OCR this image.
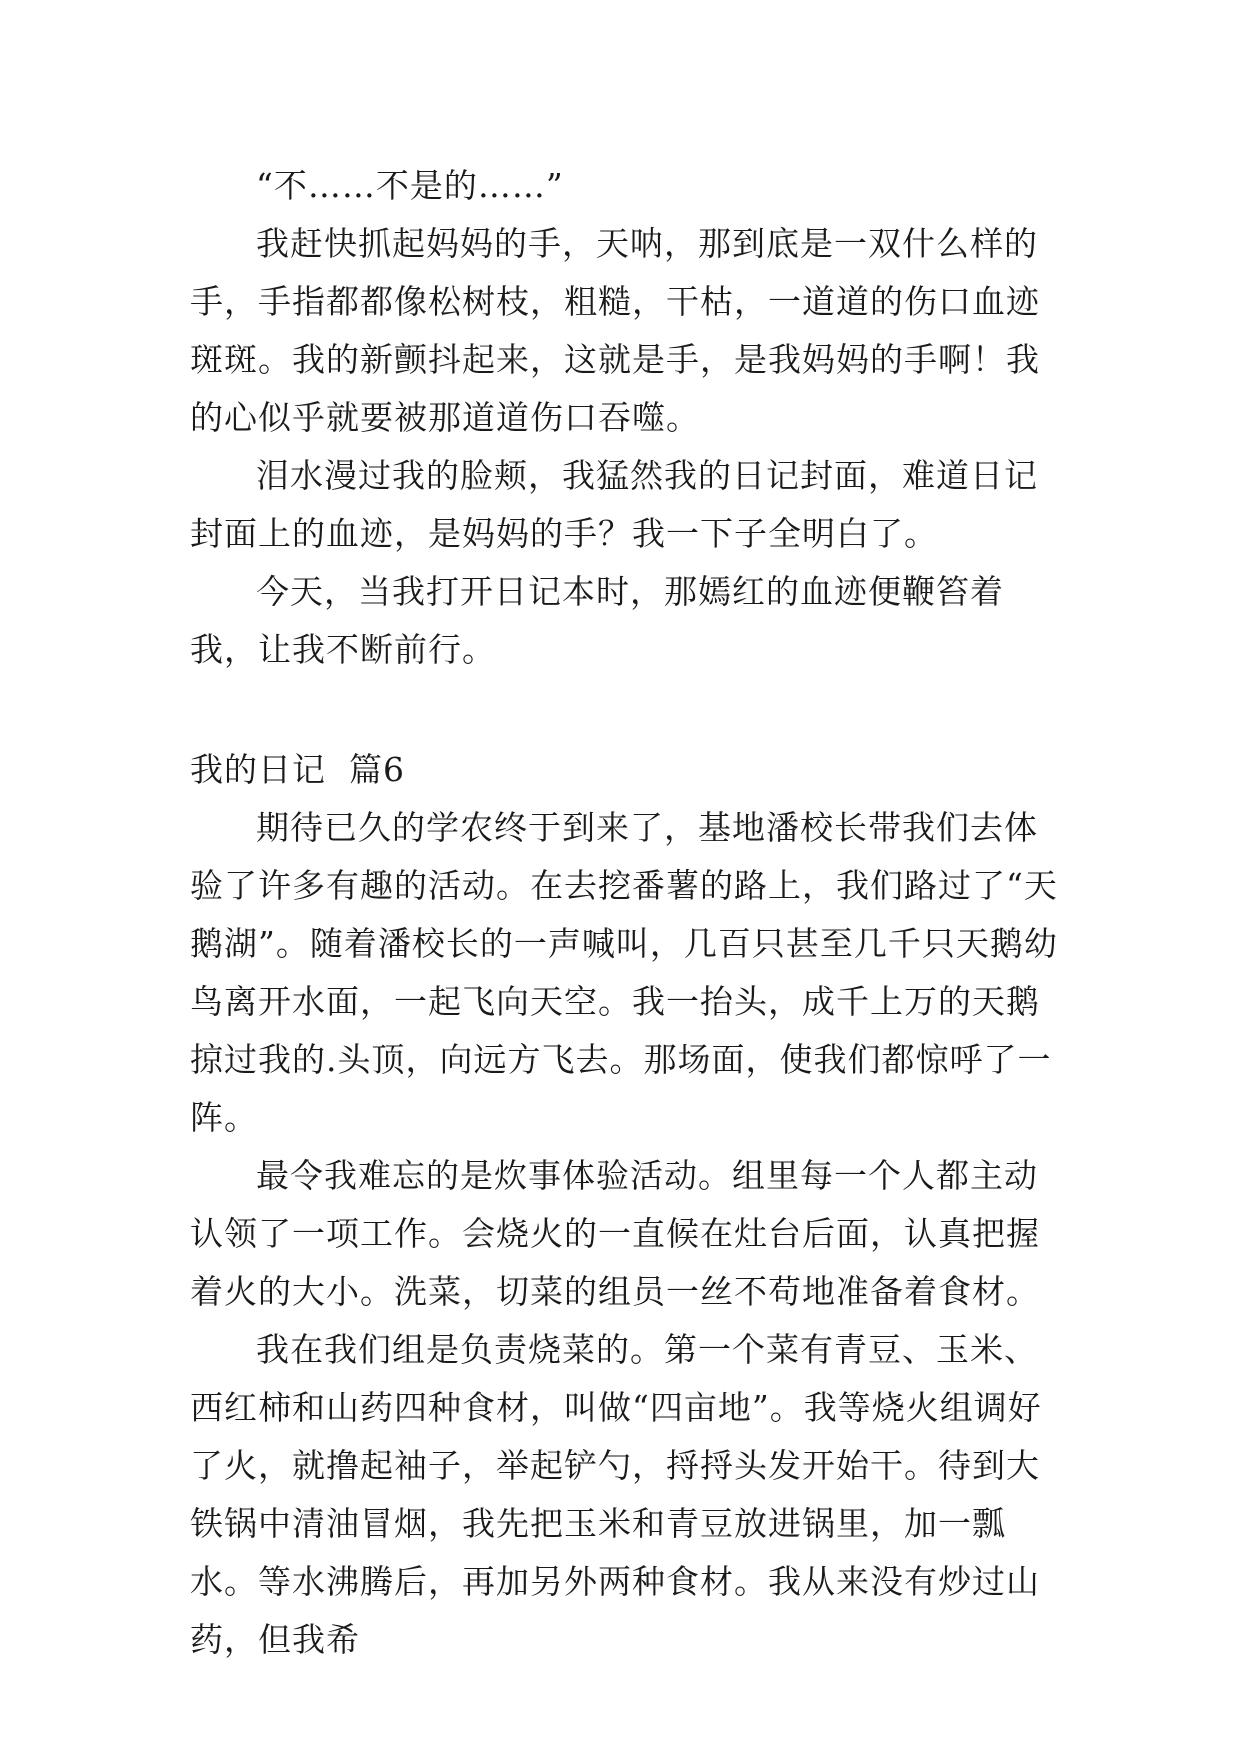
“不……不是的……”

我赶快抓起妈妈的手，天呐，那到底是一双什么样的手，手指都都像松树枝，粗糙，干枯，一道道的伤口血迹斑斑。我的新颤抖起来，这就是手，是我妈妈的手啊！我的心似乎就要被那道道伤口吞噬。

泪水漫过我的脸颊，我猛然我的日记封面，难道日记封面上的血迹，是妈妈的手？我一下子全明白了。

今天，当我打开日记本时，那嫣红的血迹便鞭笞着我，让我不断前行。

我的日记  篇6

期待已久的学农终于到来了，基地潘校长带我们去体验了许多有趣的活动。在去挖番薯的路上，我们路过了“天鹅湖”。随着潘校长的一声喊叫，几百只甚至几千只天鹅幼鸟离开水面，一起飞向天空。我一抬头，成千上万的天鹅掠过我的.头顶，向远方飞去。那场面，使我们都惊呼了一阵。

最令我难忘的是炊事体验活动。组里每一个人都主动认领了一项工作。会烧火的一直候在灶台后面，认真把握着火的大小。洗菜，切菜的组员一丝不苟地准备着食材。

我在我们组是负责烧菜的。第一个菜有青豆、玉米、西红柿和山药四种食材，叫做“四亩地”。我等烧火组调好了火，就撸起袖子，举起铲勺，捋捋头发开始干。待到大铁锅中清油冒烟，我先把玉米和青豆放进锅里，加一瓢水。等水沸腾后，再加另外两种食材。我从来没有炒过山药，但我希
